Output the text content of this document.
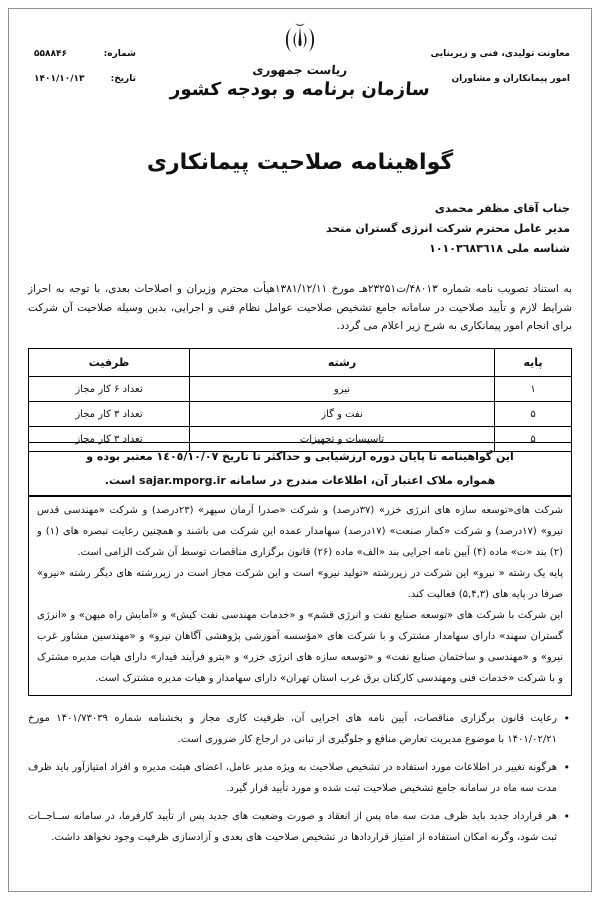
معاونت تولیدی، فنی و زیربنایی
امور پیمانکاران و مشاوران
شماره:
۵۵۸۸۴۶
تاریخ:
۱۴۰۱/۱۰/۱۳
ریاست جمهوری
سازمان برنامه و بودجه کشور
گواهینامه صلاحیت پیمانکاری
جناب آقای مظفر محمدی
مدیر عامل محترم شرکت انرژی گستران متحد
شناسه ملی ١٠١٠٣٦٨٣٦١٨
به استناد تصویب نامه شماره ۴۸۰۱۳/ت۲۳۲۵۱هـ مورخ ۱۳۸۱/۱۲/۱۱هیأت محترم وزیران و اصلاحات بعدی، با توجه به احراز شرایط لازم و تأیید صلاحیت در سامانه جامع تشخیص صلاحیت عوامل نظام فنی و اجرایی، بدین وسیله صلاحیت آن شرکت برای انجام امور پیمانکاری به شرح زیر اعلام می گردد.
پایه	رشته	ظرفیت
۱	نیرو	تعداد ۶ کار مجاز
۵	نفت و گاز	تعداد ۳ کار مجاز
۵	تاسیسات و تجهیزات	تعداد ۳ کار مجاز
این گواهینامه تا پایان دوره ارزشیابی و حداکثر تا تاریخ ١٤٠٥/١٠/٠٧ معتبر بوده و
همواره ملاک اعتبار آن، اطلاعات مندرج در سامانه sajar.mporg.ir است.

شرکت های«توسعه سازه های انرژی خزر» (۳۷درصد) و شرکت «صدرا آرمان سپهر» (۲۳درصد) و شرکت «مهندسی قدس نیرو» (۱۷درصد) و شرکت «کمار صنعت» (۱۷درصد) سهامدار عمده این شرکت می باشند و همچنین رعایت تبصره های (۱) و (۲) بند «ت» ماده (۴) آیین نامه اجرایی بند «الف» ماده (۲۶) قانون برگزاری مناقصات توسط آن شرکت الزامی است.

پایه یک رشته « نیرو» این شرکت در زیررشته «تولید نیرو» است و این شرکت مجاز است در زیررشته های دیگر رشته «نیرو» صرفا در پایه های (۵,۴,۳) فعالیت کند.

این شرکت با شرکت های «توسعه صنایع نفت و انرژی قشم» و «خدمات مهندسی نفت کیش» و «آمایش راه میهن» و «انرژی گستران سهند» دارای سهامدار مشترک و با شرکت های «مؤسسه آموزشی پژوهشی آگاهان نیرو» و «مهندسین مشاور غرب نیرو» و «مهندسی و ساختمان صنایع نفت» و «توسعه سازه های انرژی خزر» و «پترو فرآیند فیدار» دارای هیات مدیره مشترک و با شرکت «خدمات فنی ومهندسی کارکنان برق غرب استان تهران» دارای سهامدار و هیات مدیره مشترک است.

•
رعایت قانون برگزاری مناقصات، آیین نامه های اجرایی آن، ظرفیت کاری مجاز و بخشنامه شماره ۱۴۰۱/۷۳۰۳۹ مورخ ۱۴۰۱/۰۲/۲۱ با موضوع مدیریت تعارض منافع و جلوگیری از تبانی در ارجاع کار ضروری است.
•
هرگونه تغییر در اطلاعات مورد استفاده در تشخیص صلاحیت به ویژه مدیر عامل، اعضای هیئت مدیره و افراد امتیازآور باید ظرف مدت سه ماه در سامانه جامع تشخیص صلاحیت ثبت شده و مورد تأیید قرار گیرد.
•
هر قرارداد جدید باید ظرف مدت سه ماه پس از انعقاد و صورت وضعیت های جدید پس از تأیید کارفرما، در سامانه ســاجــات ثبت شود، وگرنه امکان استفاده از امتیاز قراردادها در تشخیص صلاحیت های بعدی و آزادسازی ظرفیت وجود نخواهد داشت.
